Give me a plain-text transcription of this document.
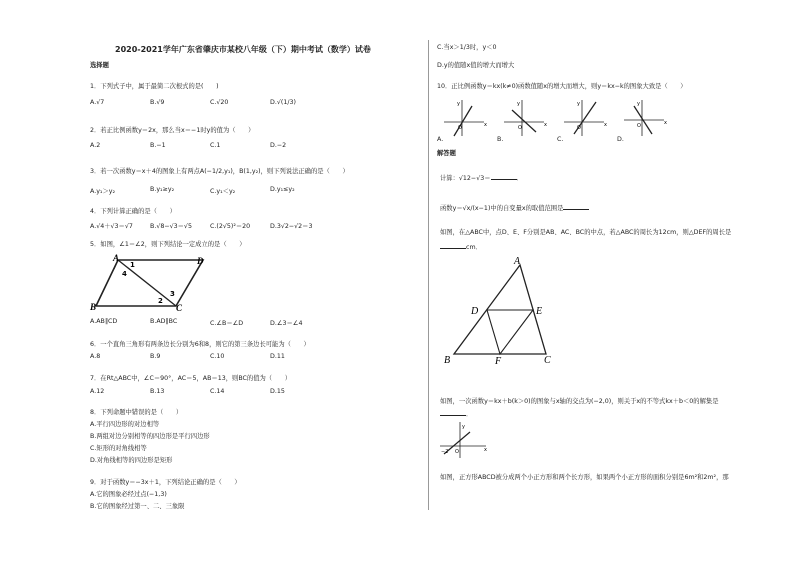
2020-2021学年广东省肇庆市某校八年级（下）期中考试（数学）试卷
选择题
1．下列式子中，属于最简二次根式的是(　　)
A.√7	B.√9	C.√20	D.√(1/3)
2．若正比例函数y＝2x，那么当x＝−1时y的值为（　　）
A.2	B.−1	C.1	D.−2
3．若一次函数y＝x＋4的图象上有两点A(−1/2,y₁)，B(1,y₂)，则下列说法正确的是（　　）
A.y₁＞y₂	B.y₁≥y₂	C.y₁＜y₂	D.y₁≤y₂
4．下列计算正确的是（　　）
A.√4＋√3＝√7	B.√8−√3＝√5	C.(2√5)²＝20	D.3√2−√2＝3
5．如图，∠1＝∠2，则下列结论一定成立的是（　　）
A	D
B	C
1
2
3
4
A.AB∥CD	B.AD∥BC	C.∠B＝∠D	D.∠3＝∠4
6．一个直角三角形有两条边长分别为6和8，则它的第三条边长可能为（　　）
A.8	B.9	C.10	D.11
7．在Rt△ABC中，∠C＝90°，AC＝5，AB＝13，则BC的值为（　　）
A.12	B.13	C.14	D.15
8．下列命题中错误的是（　　）
A.平行四边形的对边相等
B.两组对边分别相等的四边形是平行四边形
C.矩形的对角线相等
D.对角线相等的四边形是矩形
9．对于函数y＝−3x＋1，下列结论正确的是（　　）
A.它的图象必经过点(−1,3)
B.它的图象经过第一、二、三象限
C.当x＞1/3时，y＜0
D.y的值随x值的增大而增大
10．正比例函数y＝kx(k≠0)函数值随x的增大而增大，则y＝kx−k的图象大致是（　　）
y
x
O
y
x
O
y
x
O
y
x
O
A.	B.	C.	D.
解答题
计算：√12−√3＝	．
函数y＝√x/(x−1)中的自变量x的取值范围是
如图，在△ABC中，点D、E、F分别是AB、AC、BC的中点，若△ABC的周长为12cm，则△DEF的周长是
cm．
A
D	E
B	F	C
如图，一次函数y＝kx＋b(k＞0)的图象与x轴的交点为(−2,0)，则关于x的不等式kx＋b＜0的解集是
．
y
x
−2 O
如图，正方形ABCD被分成两个小正方形和两个长方形，如果两个小正方形的面积分别是6m²和2m²，那
